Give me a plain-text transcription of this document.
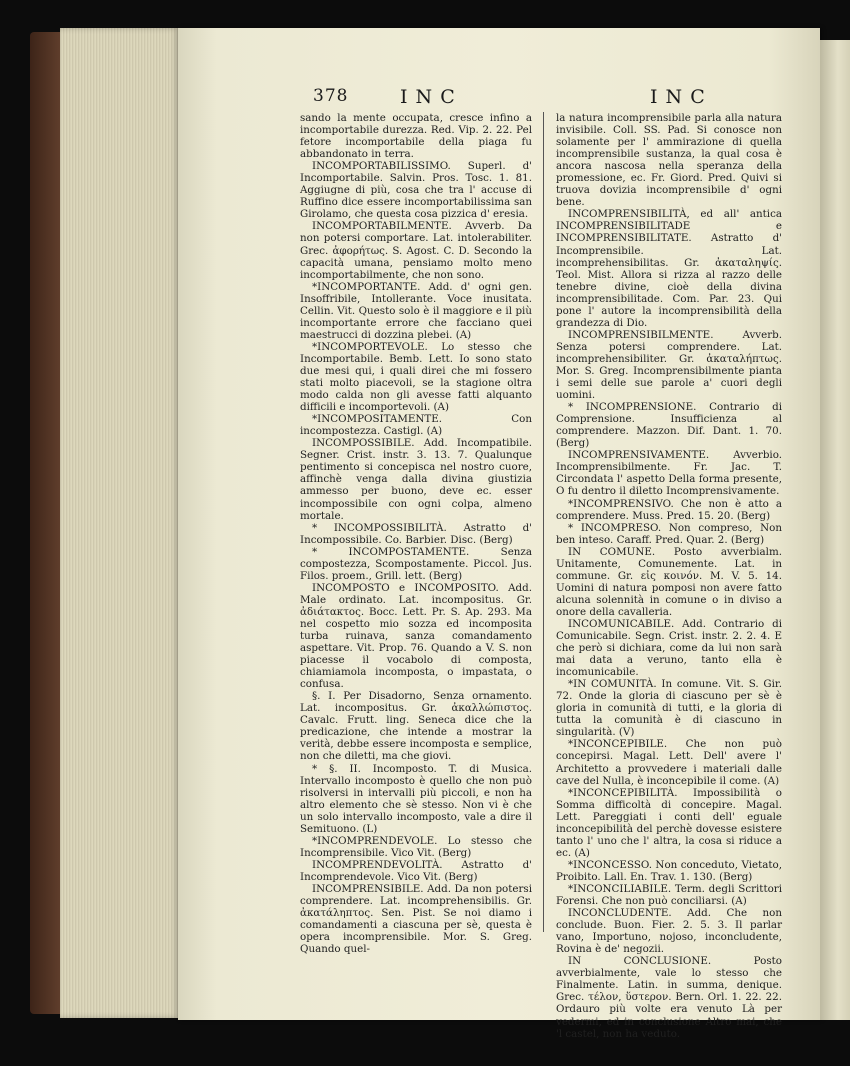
378	I N C	I N C

sando la mente occupata, cresce infino a incomportabile durezza. Red. Vip. 2. 22. Pel fetore incomportabile della piaga fu abbandonato in terra.

INCOMPORTABILISSIMO. Superl. d' Incomportabile. Salvin. Pros. Tosc. 1. 81. Aggiugne di più, cosa che tra l' accuse di Ruffino dice essere incomportabilissima san Girolamo, che questa cosa pizzica d' eresia.

INCOMPORTABILMENTE. Avverb. Da non potersi comportare. Lat. intolerabiliter. Grec. ἀφορήτως. S. Agost. C. D. Secondo la capacità umana, pensiamo molto meno incomportabilmente, che non sono.

*INCOMPORTANTE. Add. d' ogni gen. Insoffribile, Intollerante. Voce inusitata. Cellin. Vit. Questo solo è il maggiore e il più incomportante errore che facciano quei maestrucci di dozzina plebei. (A)

*INCOMPORTEVOLE. Lo stesso che Incomportabile. Bemb. Lett. Io sono stato due mesi qui, i quali direi che mi fossero stati molto piacevoli, se la stagione oltra modo calda non gli avesse fatti alquanto difficili e incomportevoli. (A)

*INCOMPOSITAMENTE. Con incompostezza. Castigl. (A)

INCOMPOSSIBILE. Add. Incompatibile. Segner. Crist. instr. 3. 13. 7. Qualunque pentimento si concepisca nel nostro cuore, affinchè venga dalla divina giustizia ammesso per buono, deve ec. esser incompossibile con ogni colpa, almeno mortale.

* INCOMPOSSIBILITÀ. Astratto d' Incompossibile. Co. Barbier. Disc. (Berg)

* INCOMPOSTAMENTE. Senza compostezza, Scompostamente. Piccol. Jus. Filos. proem., Grill. lett. (Berg)

INCOMPOSTO e INCOMPOSITO. Add. Male ordinato. Lat. incompositus. Gr. ἀδιάτακτος. Bocc. Lett. Pr. S. Ap. 293. Ma nel cospetto mio sozza ed incomposita turba ruinava, sanza comandamento aspettare. Vit. Prop. 76. Quando a V. S. non piacesse il vocabolo di composta, chiamiamola incomposta, o impastata, o confusa.

§. I. Per Disadorno, Senza ornamento. Lat. incompositus. Gr. ἀκαλλώπιστος. Cavalc. Frutt. ling. Seneca dice che la predicazione, che intende a mostrar la verità, debbe essere incomposta e semplice, non che diletti, ma che giovi.

* §. II. Incomposto. T. di Musica. Intervallo incomposto è quello che non può risolversi in intervalli più piccoli, e non ha altro elemento che sè stesso. Non vi è che un solo intervallo incomposto, vale a dire il Semituono. (L)

*INCOMPRENDEVOLE. Lo stesso che Incomprensibile. Vico Vit. (Berg)

INCOMPRENDEVOLITÀ. Astratto d' Incomprendevole. Vico Vit. (Berg)

INCOMPRENSIBILE. Add. Da non potersi comprendere. Lat. incomprehensibilis. Gr. ἀκατάληπτος. Sen. Pist. Se noi diamo i comandamenti a ciascuna per sè, questa è opera incomprensibile. Mor. S. Greg. Quando quel-

la natura incomprensibile parla alla natura invisibile. Coll. SS. Pad. Si conosce non solamente per l' ammirazione di quella incomprensibile sustanza, la qual cosa è ancora nascosa nella speranza della promessione, ec. Fr. Giord. Pred. Quivi si truova dovizia incomprensibile d' ogni bene.

INCOMPRENSIBILITÀ, ed all' antica INCOMPRENSIBILITADE e INCOMPRENSIBILITATE. Astratto d' Incomprensibile. Lat. incomprehensibilitas. Gr. ἀκαταληψίς. Teol. Mist. Allora si rizza al razzo delle tenebre divine, cioè della divina incomprensibilitade. Com. Par. 23. Qui pone l' autore la incomprensibilità della grandezza di Dio.

INCOMPRENSIBILMENTE. Avverb. Senza potersi comprendere. Lat. incomprehensibiliter. Gr. ἀκαταλήπτως. Mor. S. Greg. Incomprensibilmente pianta i semi delle sue parole a' cuori degli uomini.

* INCOMPRENSIONE. Contrario di Comprensione. Insufficienza al comprendere. Mazzon. Dif. Dant. 1. 70. (Berg)

INCOMPRENSIVAMENTE. Avverbio. Incomprensibilmente. Fr. Jac. T. Circondata l' aspetto Della forma presente, O fu dentro il diletto Incomprensivamente.

*INCOMPRENSIVO. Che non è atto a comprendere. Muss. Pred. 15. 20. (Berg)

* INCOMPRESO. Non compreso, Non ben inteso. Caraff. Pred. Quar. 2. (Berg)

IN COMUNE. Posto avverbialm. Unitamente, Comunemente. Lat. in commune. Gr. εἰς κοινόν. M. V. 5. 14. Uomini di natura pomposi non avere fatto alcuna solennità in comune o in diviso a onore della cavalleria.

INCOMUNICABILE. Add. Contrario di Comunicabile. Segn. Crist. instr. 2. 2. 4. E che però si dichiara, come da lui non sarà mai data a veruno, tanto ella è incomunicabile.

*IN COMUNITÀ. In comune. Vit. S. Gir. 72. Onde la gloria di ciascuno per sè è gloria in comunità di tutti, e la gloria di tutta la comunità è di ciascuno in singularità. (V)

*INCONCEPIBILE. Che non può concepirsi. Magal. Lett. Dell' avere l' Architetto a provvedere i materiali dalle cave del Nulla, è inconcepibile il come. (A)

*INCONCEPIBILITÀ. Impossibilità o Somma difficoltà di concepire. Magal. Lett. Pareggiati i conti dell' eguale inconcepibilità del perchè dovesse esistere tanto l' uno che l' altra, la cosa si riduce a ec. (A)

*INCONCESSO. Non conceduto, Vietato, Proibito. Lall. En. Trav. 1. 130. (Berg)

*INCONCILIABILE. Term. degli Scrittori Forensi. Che non può conciliarsi. (A)

INCONCLUDENTE. Add. Che non conclude. Buon. Fier. 2. 5. 3. Il parlar vano, Importuno, nojoso, inconcludente, Rovina è de' negozii.

IN CONCLUSIONE. Posto avverbialmente, vale lo stesso che Finalmente. Latin. in summa, denique. Grec. τέλον, ὕστερον. Bern. Orl. 1. 22. 22. Ordauro più volte era venuto Là per vedermi, ed in conclusione Altro mai, che 'l castel, non ha veduto.
